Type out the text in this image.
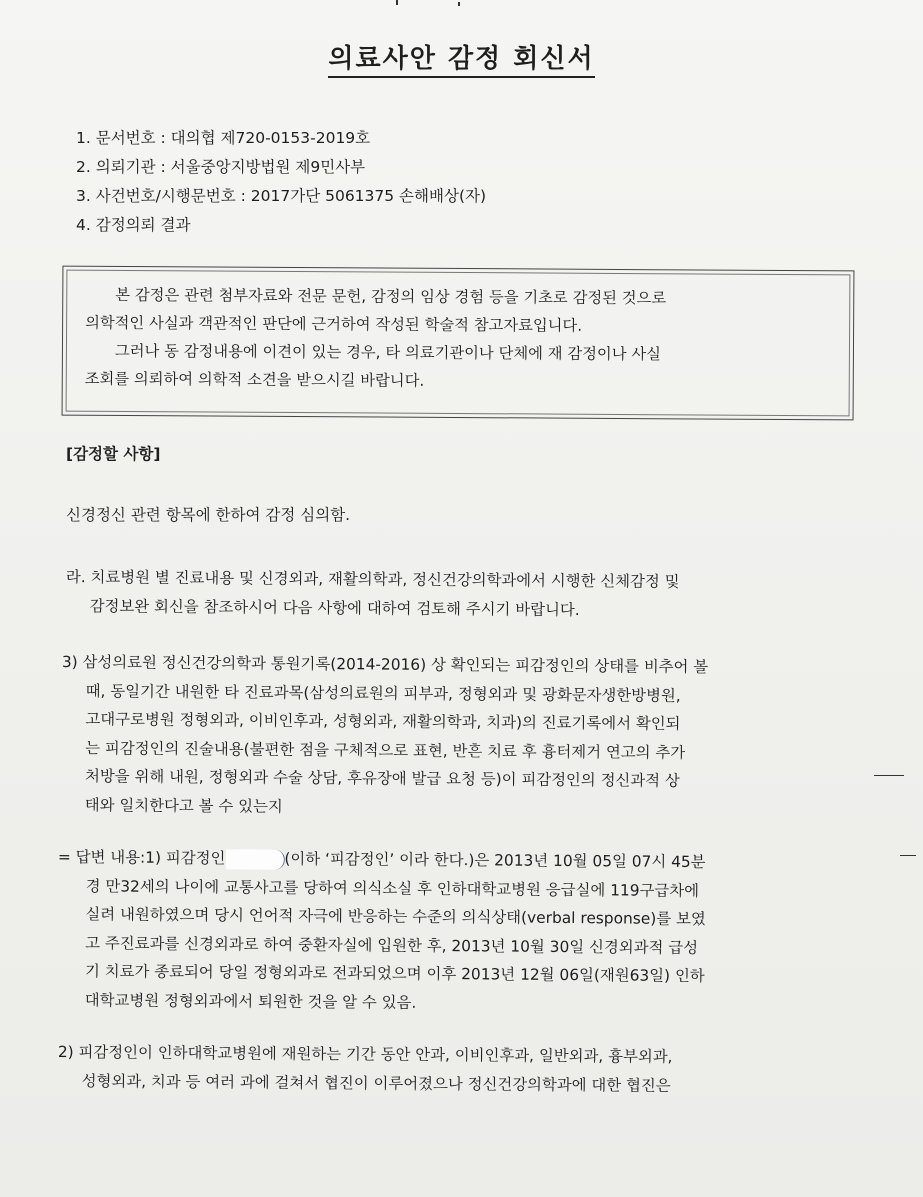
의료사안 감정 회신서
1. 문서번호 : 대의협 제720-0153-2019호
2. 의뢰기관 : 서울중앙지방법원 제9민사부
3. 사건번호/시행문번호 : 2017가단 5061375 손해배상(자)
4. 감정의뢰 결과

본 감정은 관련 첨부자료와 전문 문헌, 감정의 임상 경험 등을 기초로 감정된 것으로

의학적인 사실과 객관적인 판단에 근거하여 작성된 학술적 참고자료입니다.

그러나 동 감정내용에 이견이 있는 경우, 타 의료기관이나 단체에 재 감정이나 사실

조회를 의뢰하여 의학적 소견을 받으시길 바랍니다.

[감정할 사항]
신경정신 관련 항목에 한하여 감정 심의함.

라. 치료병원 별 진료내용 및 신경외과, 재활의학과, 정신건강의학과에서 시행한 신체감정 및

감정보완 회신을 참조하시어 다음 사항에 대하여 검토해 주시기 바랍니다.

3) 삼성의료원 정신건강의학과 통원기록(2014-2016) 상 확인되는 피감정인의 상태를 비추어 볼

때, 동일기간 내원한 타 진료과목(삼성의료원의 피부과, 정형외과 및 광화문자생한방병원,

고대구로병원 정형외과, 이비인후과, 성형외과, 재활의학과, 치과)의 진료기록에서 확인되

는 피감정인의 진술내용(불편한 점을 구체적으로 표현, 반흔 치료 후 흉터제거 연고의 추가

처방을 위해 내원, 정형외과 수술 상담, 후유장애 발급 요청 등)이 피감정인의 정신과적 상

태와 일치한다고 볼 수 있는지

= 답변 내용:1) 피감정인	(이하 ‘피감정인’ 이라 한다.)은 2013년 10월 05일 07시 45분

경 만32세의 나이에 교통사고를 당하여 의식소실 후 인하대학교병원 응급실에 119구급차에

실려 내원하였으며 당시 언어적 자극에 반응하는 수준의 의식상태(verbal response)를 보였

고 주진료과를 신경외과로 하여 중환자실에 입원한 후, 2013년 10월 30일 신경외과적 급성

기 치료가 종료되어 당일 정형외과로 전과되었으며 이후 2013년 12월 06일(재원63일) 인하

대학교병원 정형외과에서 퇴원한 것을 알 수 있음.

2) 피감정인이 인하대학교병원에 재원하는 기간 동안 안과, 이비인후과, 일반외과, 흉부외과,

성형외과, 치과 등 여러 과에 걸쳐서 협진이 이루어졌으나 정신건강의학과에 대한 협진은
